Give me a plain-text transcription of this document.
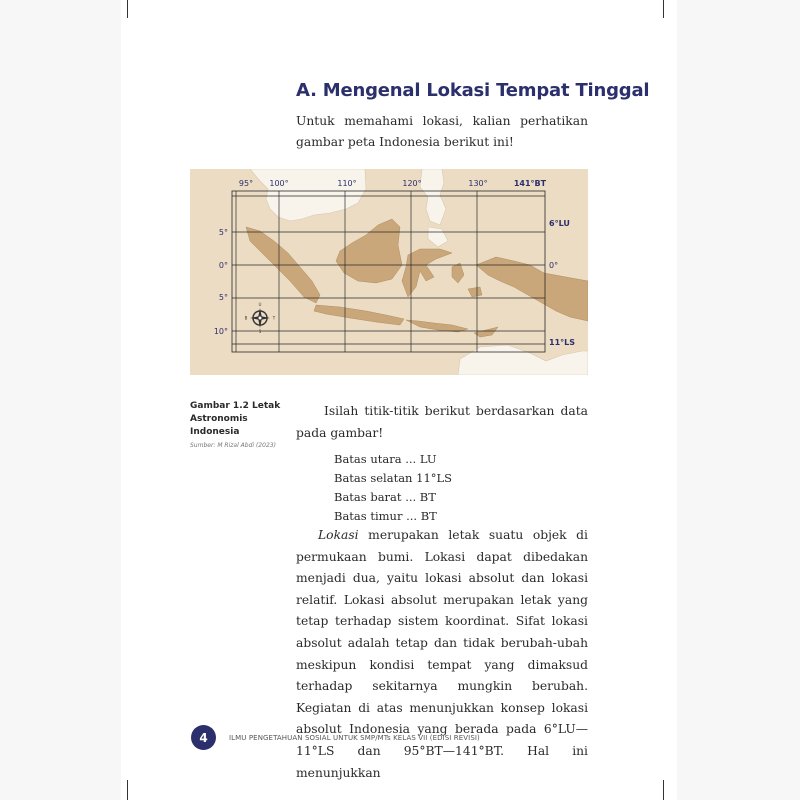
A. Mengenal Lokasi Tempat Tinggal

Untuk memahami lokasi, kalian perhatikan gambar peta Indonesia berikut ini!

95° 100°	110°	120°	130°	141°BT
5°
0°
5°
10°
6°LU
0°
11°LS
U
T
S
B
Gambar 1.2 Letak Astronomis Indonesia
Sumber: M Rizal Abdi (2023)

Isilah titik-titik berikut berdasarkan data pada gambar!

Batas utara ... LU
Batas selatan 11°LS
Batas barat ... BT
Batas timur ... BT

Lokasi merupakan letak suatu objek di permukaan bumi. Lokasi dapat dibedakan menjadi dua, yaitu lokasi absolut dan lokasi relatif. Lokasi absolut merupakan letak yang tetap terhadap sistem koordinat. Sifat lokasi absolut adalah tetap dan tidak berubah-ubah meskipun kondisi tempat yang dimaksud terhadap sekitarnya mungkin berubah. Kegiatan di atas menunjukkan konsep lokasi absolut Indonesia yang berada pada 6°LU—11°LS dan 95°BT—141°BT. Hal ini menunjukkan

4	ILMU PENGETAHUAN SOSIAL UNTUK SMP/MTs KELAS VII (EDISI REVISI)
